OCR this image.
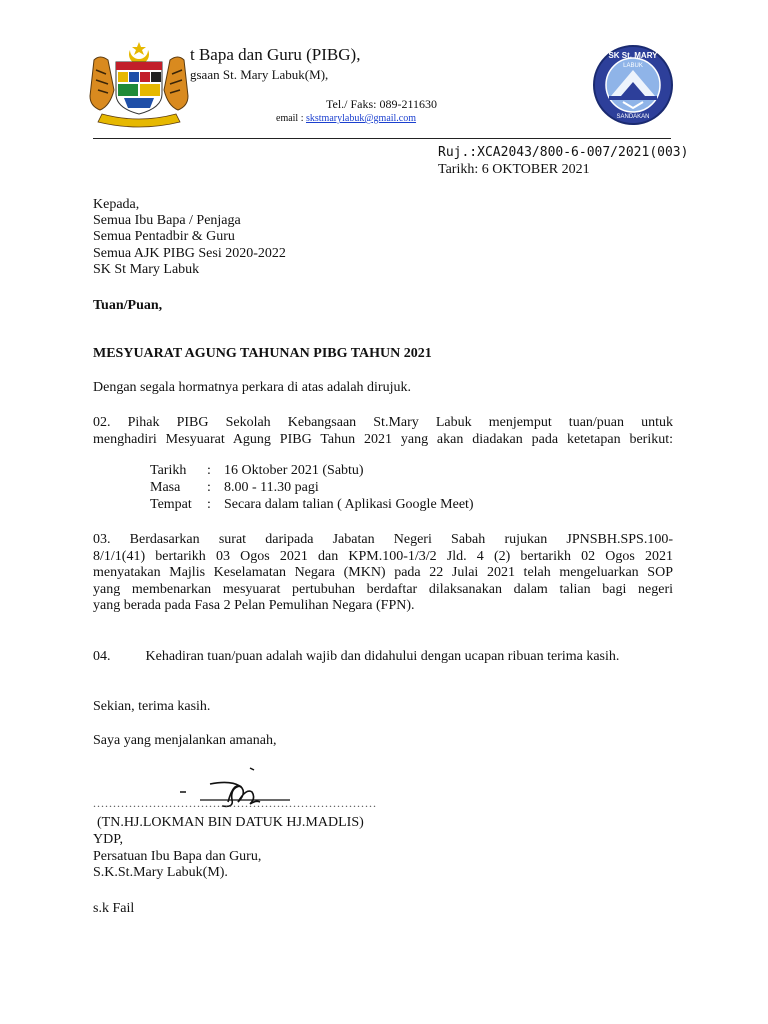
t Bapa dan Guru (PIBG),
gsaan St. Mary Labuk(M),
Tel./ Faks: 089-211630
email : skstmarylabuk@gmail.com
SK St. MARY
LABUK
SANDAKAN
Ruj.:XCA2043/800-6-007/2021(003)
Tarikh: 6 OKTOBER 2021
Kepada,
Semua Ibu Bapa / Penjaga
Semua Pentadbir & Guru
Semua AJK PIBG Sesi 2020-2022
SK St Mary Labuk
Tuan/Puan,
MESYUARAT AGUNG TAHUNAN PIBG TAHUN 2021
Dengan segala hormatnya perkara di atas adalah dirujuk.
02. Pihak PIBG Sekolah Kebangsaan St.Mary Labuk menjemput tuan/puan untuk
menghadiri Mesyuarat Agung PIBG Tahun 2021 yang akan diadakan pada ketetapan berikut:
Tarikh : 16 Oktober 2021 (Sabtu)
Masa : 8.00 - 11.30 pagi
Tempat : Secara dalam talian ( Aplikasi Google Meet)
03. Berdasarkan surat daripada Jabatan Negeri Sabah rujukan JPNSBH.SPS.100-
8/1/1(41) bertarikh 03 Ogos 2021 dan KPM.100-1/3/2 Jld. 4 (2) bertarikh 02 Ogos 2021
menyatakan Majlis Keselamatan Negara (MKN) pada 22 Julai 2021 telah mengeluarkan SOP
yang membenarkan mesyuarat pertubuhan berdaftar dilaksanakan dalam talian bagi negeri
yang berada pada Fasa 2 Pelan Pemulihan Negara (FPN).
04.          Kehadiran tuan/puan adalah wajib dan didahului dengan ucapan ribuan terima kasih.
Sekian, terima kasih.
Saya yang menjalankan amanah,
.......................................................................
(TN.HJ.LOKMAN BIN DATUK HJ.MADLIS)
YDP,
Persatuan Ibu Bapa dan Guru,
S.K.St.Mary Labuk(M).
s.k Fail
